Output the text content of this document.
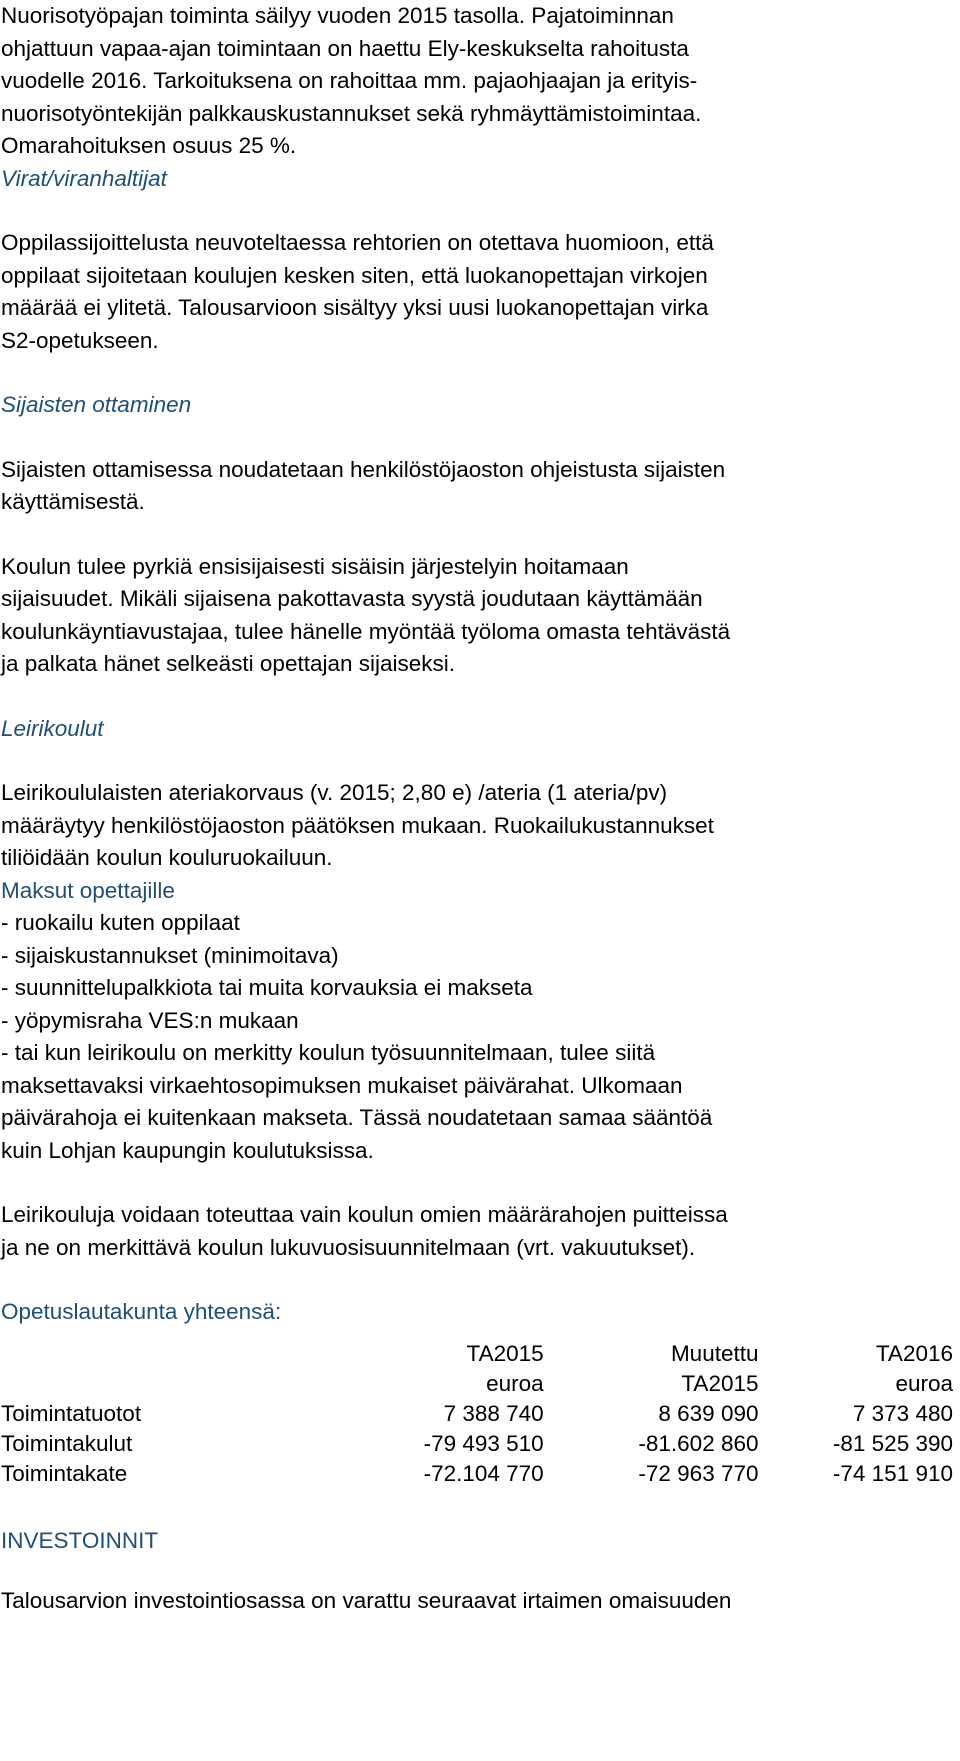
Nuorisotyöpajan toiminta säilyy vuoden 2015 tasolla. Pajatoiminnan

ohjattuun vapaa-ajan toimintaan on haettu Ely-keskukselta rahoitusta

vuodelle 2016. Tarkoituksena on rahoittaa mm. pajaohjaajan ja erityis-

nuorisotyöntekijän palkkauskustannukset sekä ryhmäyttämistoimintaa.

Omarahoituksen osuus 25 %.

Virat/viranhaltijat

Oppilassijoittelusta neuvoteltaessa rehtorien on otettava huomioon, että

oppilaat sijoitetaan koulujen kesken siten, että luokanopettajan virkojen

määrää ei ylitetä. Talousarvioon sisältyy yksi uusi luokanopettajan virka

S2-opetukseen.

Sijaisten ottaminen

Sijaisten ottamisessa noudatetaan henkilöstöjaoston ohjeistusta sijaisten

käyttämisestä.

Koulun tulee pyrkiä ensisijaisesti sisäisin järjestelyin hoitamaan

sijaisuudet. Mikäli sijaisena pakottavasta syystä joudutaan käyttämään

koulunkäyntiavustajaa, tulee hänelle myöntää työloma omasta tehtävästä

ja palkata hänet selkeästi opettajan sijaiseksi.

Leirikoulut

Leirikoululaisten ateriakorvaus (v. 2015; 2,80 e) /ateria (1 ateria/pv)

määräytyy henkilöstöjaoston päätöksen mukaan. Ruokailukustannukset

tiliöidään koulun kouluruokailuun.

Maksut opettajille

- ruokailu kuten oppilaat

- sijaiskustannukset (minimoitava)

- suunnittelupalkkiota tai muita korvauksia ei makseta

- yöpymisraha VES:n mukaan

- tai kun leirikoulu on merkitty koulun työsuunnitelmaan, tulee siitä

maksettavaksi virkaehtosopimuksen mukaiset päivärahat. Ulkomaan

päivärahoja ei kuitenkaan makseta. Tässä noudatetaan samaa sääntöä

kuin Lohjan kaupungin koulutuksissa.

Leirikouluja voidaan toteuttaa vain koulun omien määrärahojen puitteissa

ja ne on merkittävä koulun lukuvuosisuunnitelmaan (vrt. vakuutukset).

Opetuslautakunta yhteensä:

	TA2015	Muutettu	TA2016
	euroa	TA2015	euroa
Toimintatuotot	7 388 740	8 639 090	7 373 480
Toimintakulut	-79 493 510	-81.602 860	-81 525 390
Toimintakate	-72.104 770	-72 963 770	-74 151 910

INVESTOINNIT

Talousarvion investointiosassa on varattu seuraavat irtaimen omaisuuden
